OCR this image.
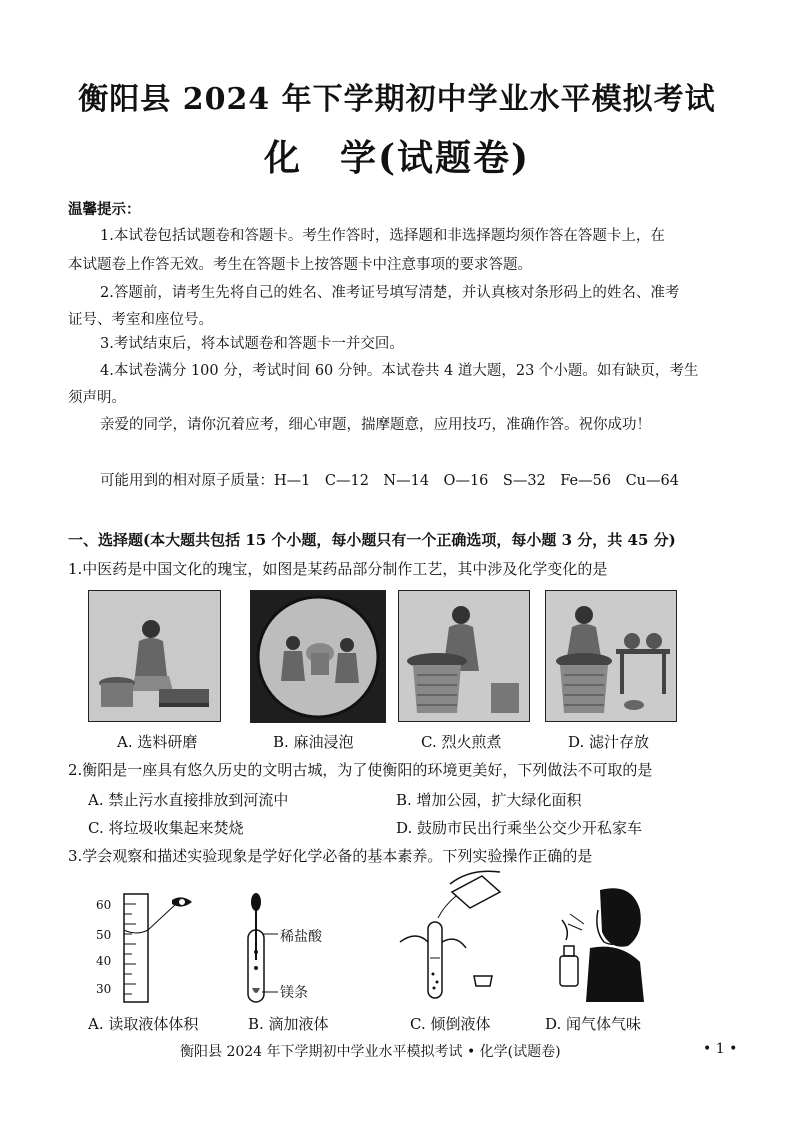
衡阳县 2024 年下学期初中学业水平模拟考试
化　学(试题卷)
温馨提示：
1.本试卷包括试题卷和答题卡。考生作答时，选择题和非选择题均须作答在答题卡上，在
本试题卷上作答无效。考生在答题卡上按答题卡中注意事项的要求答题。
2.答题前，请考生先将自己的姓名、准考证号填写清楚，并认真核对条形码上的姓名、准考
证号、考室和座位号。
3.考试结束后，将本试题卷和答题卡一并交回。
4.本试卷满分 100 分，考试时间 60 分钟。本试卷共 4 道大题，23 个小题。如有缺页，考生
须声明。
亲爱的同学，请你沉着应考，细心审题，揣摩题意，应用技巧，准确作答。祝你成功！
可能用到的相对原子质量：H—1　C—12　N—14　O—16　S—32　Fe—56　Cu—64
一、选择题(本大题共包括 15 个小题，每小题只有一个正确选项，每小题 3 分，共 45 分)
1.中医药是中国文化的瑰宝，如图是某药品部分制作工艺，其中涉及化学变化的是
A. 选料研磨	B. 麻油浸泡	C. 烈火煎煮	D. 滤汁存放
2.衡阳是一座具有悠久历史的文明古城，为了使衡阳的环境更美好，下列做法不可取的是
A. 禁止污水直接排放到河流中	B. 增加公园，扩大绿化面积
C. 将垃圾收集起来焚烧	D. 鼓励市民出行乘坐公交少开私家车
3.学会观察和描述实验现象是学好化学必备的基本素养。下列实验操作正确的是
60
50
40
30
稀盐酸
镁条
A. 读取液体体积	B. 滴加液体	C. 倾倒液体	D. 闻气体气味
衡阳县 2024 年下学期初中学业水平模拟考试 • 化学(试题卷)	• 1 •
